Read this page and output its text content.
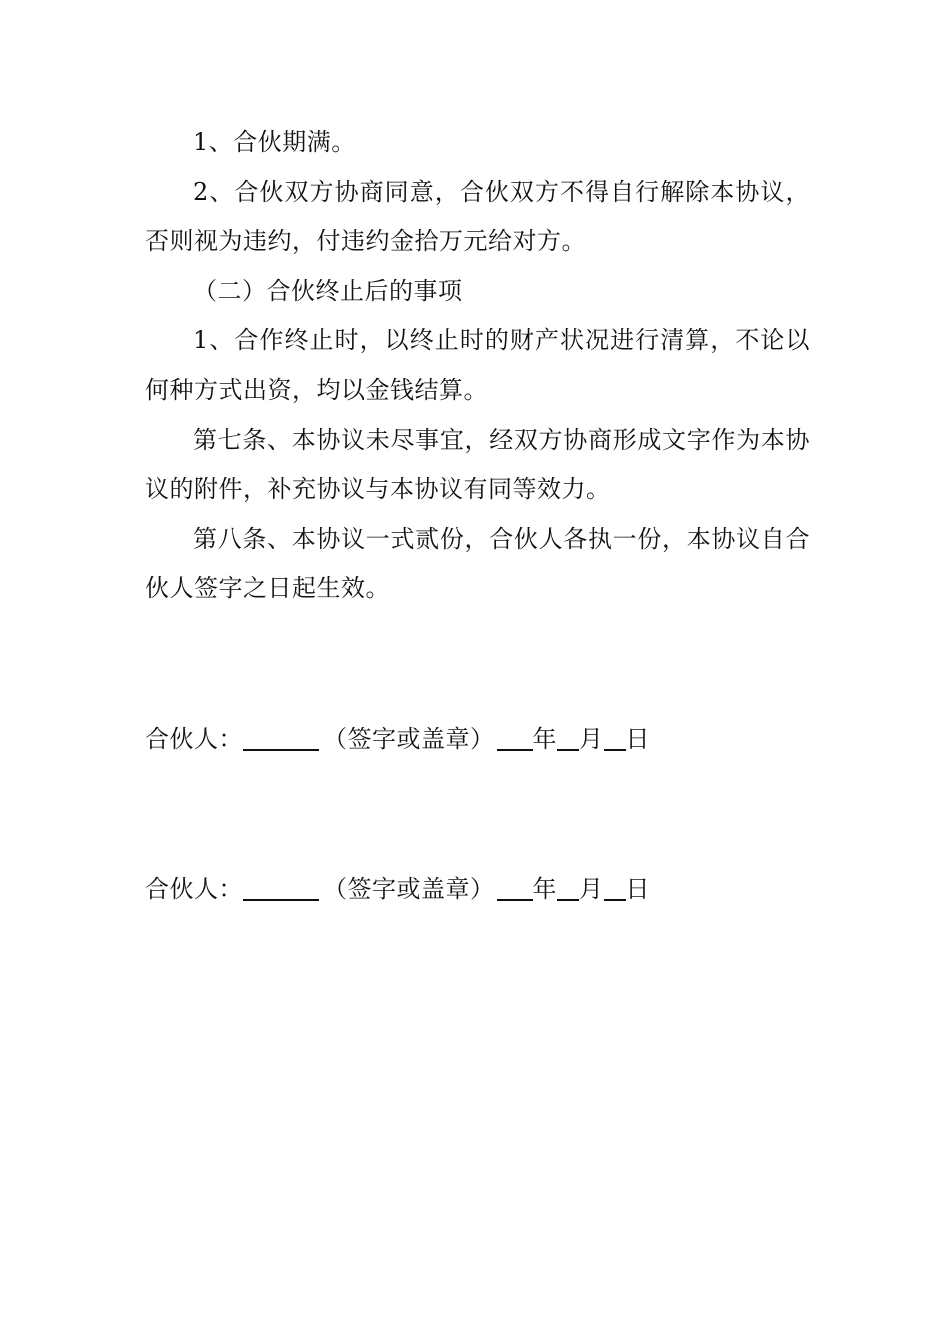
1、合伙期满。

2、合伙双方协商同意，合伙双方不得自行解除本协议，否则视为违约，付违约金拾万元给对方。

（二）合伙终止后的事项

1、合作终止时，以终止时的财产状况进行清算，不论以何种方式出资，均以金钱结算。

第七条、本协议未尽事宜，经双方协商形成文字作为本协议的附件，补充协议与本协议有同等效力。

第八条、本协议一式贰份，合伙人各执一份，本协议自合伙人签字之日起生效。

合伙人：	（签字或盖章） 年 月 日
合伙人：	（签字或盖章） 年 月 日
